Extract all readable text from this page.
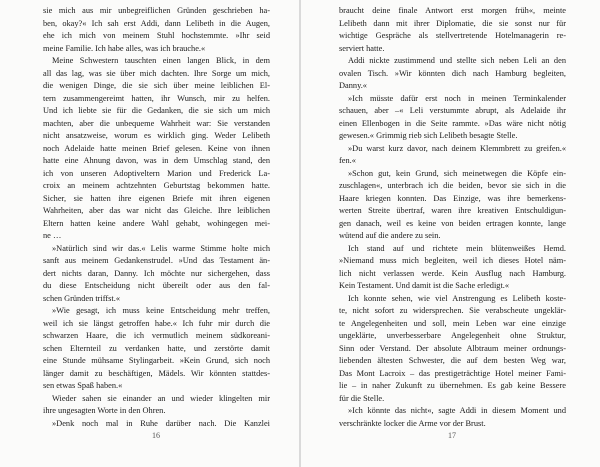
sie mich aus mir unbegreiflichen Gründen geschrieben ha-
ben, okay?« Ich sah erst Addi, dann Lelibeth in die Augen,
ehe ich mich von meinem Stuhl hochstemmte. »Ihr seid
meine Familie. Ich habe alles, was ich brauche.«
Meine Schwestern tauschten einen langen Blick, in dem
all das lag, was sie über mich dachten. Ihre Sorge um mich,
die wenigen Dinge, die sie sich über meine leiblichen El-
tern zusammengereimt hatten, ihr Wunsch, mir zu helfen.
Und ich liebte sie für die Gedanken, die sie sich um mich
machten, aber die unbequeme Wahrheit war: Sie verstanden
nicht ansatzweise, worum es wirklich ging. Weder Lelibeth
noch Adelaide hatte meinen Brief gelesen. Keine von ihnen
hatte eine Ahnung davon, was in dem Umschlag stand, den
ich von unseren Adoptiveltern Marion und Frederick La-
croix an meinem achtzehnten Geburtstag bekommen hatte.
Sicher, sie hatten ihre eigenen Briefe mit ihren eigenen
Wahrheiten, aber das war nicht das Gleiche. Ihre leiblichen
Eltern hatten keine andere Wahl gehabt, wohingegen mei-
ne …
»Natürlich sind wir das.« Lelis warme Stimme holte mich
sanft aus meinem Gedankenstrudel. »Und das Testament än-
dert nichts daran, Danny. Ich möchte nur sichergehen, dass
du diese Entscheidung nicht übereilt oder aus den fal-
schen Gründen triffst.«
»Wie gesagt, ich muss keine Entscheidung mehr treffen,
weil ich sie längst getroffen habe.« Ich fuhr mir durch die
schwarzen Haare, die ich vermutlich meinem südkoreani-
schen Elternteil zu verdanken hatte, und zerstörte damit
eine Stunde mühsame Stylingarbeit. »Kein Grund, sich noch
länger damit zu beschäftigen, Mädels. Wir könnten stattdes-
sen etwas Spaß haben.«
Wieder sahen sie einander an und wieder klingelten mir
ihre ungesagten Worte in den Ohren.
»Denk noch mal in Ruhe darüber nach. Die Kanzlei
16
braucht deine finale Antwort erst morgen früh«, meinte
Lelibeth dann mit ihrer Diplomatie, die sie sonst nur für
wichtige Gespräche als stellvertretende Hotelmanagerin re-
serviert hatte.
Addi nickte zustimmend und stellte sich neben Leli an den
ovalen Tisch. »Wir könnten dich nach Hamburg begleiten,
Danny.«
»Ich müsste dafür erst noch in meinen Terminkalender
schauen, aber –« Leli verstummte abrupt, als Adelaide ihr
einen Ellenbogen in die Seite rammte. »Das wäre nicht nötig
gewesen.« Grimmig rieb sich Lelibeth besagte Stelle.
»Du warst kurz davor, nach deinem Klemmbrett zu greifen.«
fen.«
»Schon gut, kein Grund, sich meinetwegen die Köpfe ein-
zuschlagen«, unterbrach ich die beiden, bevor sie sich in die
Haare kriegen konnten. Das Einzige, was ihre bemerkens-
werten Streite übertraf, waren ihre kreativen Entschuldigun-
gen danach, weil es keine von beiden ertragen konnte, lange
wütend auf die andere zu sein.
Ich stand auf und richtete mein blütenweißes Hemd.
»Niemand muss mich begleiten, weil ich dieses Hotel näm-
lich nicht verlassen werde. Kein Ausflug nach Hamburg.
Kein Testament. Und damit ist die Sache erledigt.«
Ich konnte sehen, wie viel Anstrengung es Lelibeth koste-
te, nicht sofort zu widersprechen. Sie verabscheute ungeklär-
te Angelegenheiten und soll, mein Leben war eine einzige
ungeklärte, unverbesserbare Angelegenheit ohne Struktur,
Sinn oder Verstand. Der absolute Albtraum meiner ordnungs-
liebenden ältesten Schwester, die auf dem besten Weg war,
Das Mont Lacroix – das prestigeträchtige Hotel meiner Fami-
lie – in naher Zukunft zu übernehmen. Es gab keine Bessere
für die Stelle.
»Ich könnte das nicht«, sagte Addi in diesem Moment und
verschränkte locker die Arme vor der Brust.
17
